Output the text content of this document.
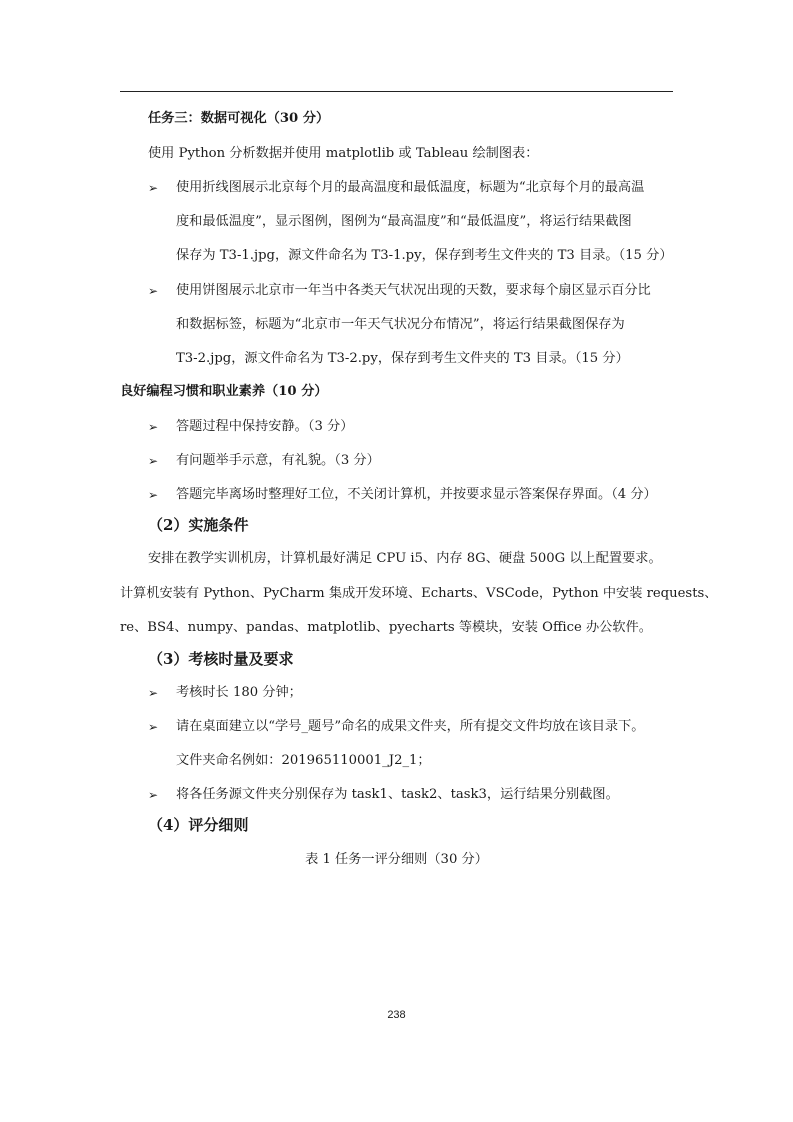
任务三：数据可视化（30 分）
使用 Python 分析数据并使用 matplotlib 或 Tableau 绘制图表：
➢ 使用折线图展示北京每个月的最高温度和最低温度，标题为“北京每个月的最高温
度和最低温度”，显示图例，图例为“最高温度”和“最低温度”，将运行结果截图
保存为 T3-1.jpg，源文件命名为 T3-1.py，保存到考生文件夹的 T3 目录。（15 分）
➢ 使用饼图展示北京市一年当中各类天气状况出现的天数，要求每个扇区显示百分比
和数据标签，标题为“北京市一年天气状况分布情况”，将运行结果截图保存为
T3-2.jpg，源文件命名为 T3-2.py，保存到考生文件夹的 T3 目录。（15 分）
良好编程习惯和职业素养（10 分）
➢ 答题过程中保持安静。（3 分）
➢ 有问题举手示意，有礼貌。（3 分）
➢ 答题完毕离场时整理好工位，不关闭计算机，并按要求显示答案保存界面。（4 分）
（2）实施条件
安排在教学实训机房，计算机最好满足 CPU i5、内存 8G、硬盘 500G 以上配置要求。
计算机安装有 Python、PyCharm 集成开发环境、Echarts、VSCode，Python 中安装 requests、
re、BS4、numpy、pandas、matplotlib、pyecharts 等模块，安装 Office 办公软件。
（3）考核时量及要求
➢ 考核时长 180 分钟；
➢ 请在桌面建立以“学号_题号”命名的成果文件夹，所有提交文件均放在该目录下。
文件夹命名例如：201965110001_J2_1；
➢ 将各任务源文件夹分别保存为 task1、task2、task3，运行结果分别截图。
（4）评分细则
表 1 任务一评分细则（30 分）
238
